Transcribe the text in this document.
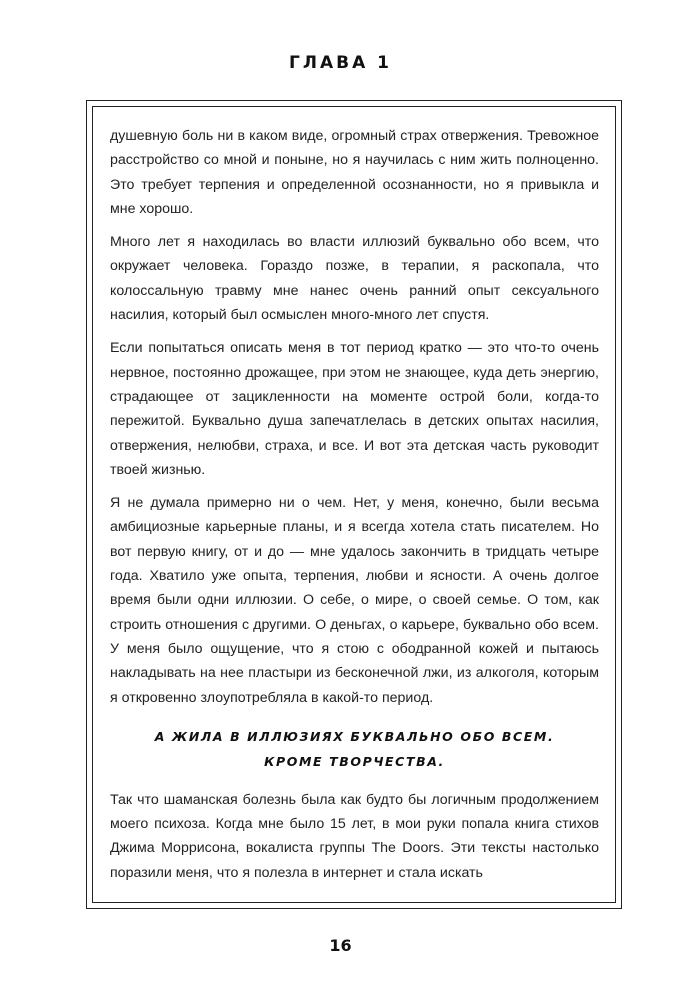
ГЛАВА 1

душевную боль ни в каком виде, огромный страх отвержения. Тревожное расстройство со мной и поныне, но я научилась с ним жить полноценно. Это требует терпения и определенной осознанности, но я привыкла и мне хорошо.

Много лет я находилась во власти иллюзий буквально обо всем, что окружает человека. Гораздо позже, в терапии, я раскопала, что колоссальную травму мне нанес очень ранний опыт сексуального насилия, который был осмыслен много-много лет спустя.

Если попытаться описать меня в тот период кратко — это что-то очень нервное, постоянно дрожащее, при этом не знающее, куда деть энергию, страдающее от зацикленности на моменте острой боли, когда-то пережитой. Буквально душа запечатлелась в детских опытах насилия, отвержения, нелюбви, страха, и все. И вот эта детская часть руководит твоей жизнью.

Я не думала примерно ни о чем. Нет, у меня, конечно, были весьма амбициозные карьерные планы, и я всегда хотела стать писателем. Но вот первую книгу, от и до — мне удалось закончить в тридцать четыре года. Хватило уже опыта, терпения, любви и ясности. А очень долгое время были одни иллюзии. О себе, о мире, о своей семье. О том, как строить отношения с другими. О деньгах, о карьере, буквально обо всем. У меня было ощущение, что я стою с ободранной кожей и пытаюсь накладывать на нее пластыри из бесконечной лжи, из алкоголя, которым я откровенно злоупотребляла в какой-то период.

А ЖИЛА В ИЛЛЮЗИЯХ БУКВАЛЬНО ОБО ВСЕМ.
КРОМЕ ТВОРЧЕСТВА.

Так что шаманская болезнь была как будто бы логичным продолжением моего психоза. Когда мне было 15 лет, в мои руки попала книга стихов Джима Моррисона, вокалиста группы The Doors. Эти тексты настолько поразили меня, что я полезла в интернет и стала искать

16
